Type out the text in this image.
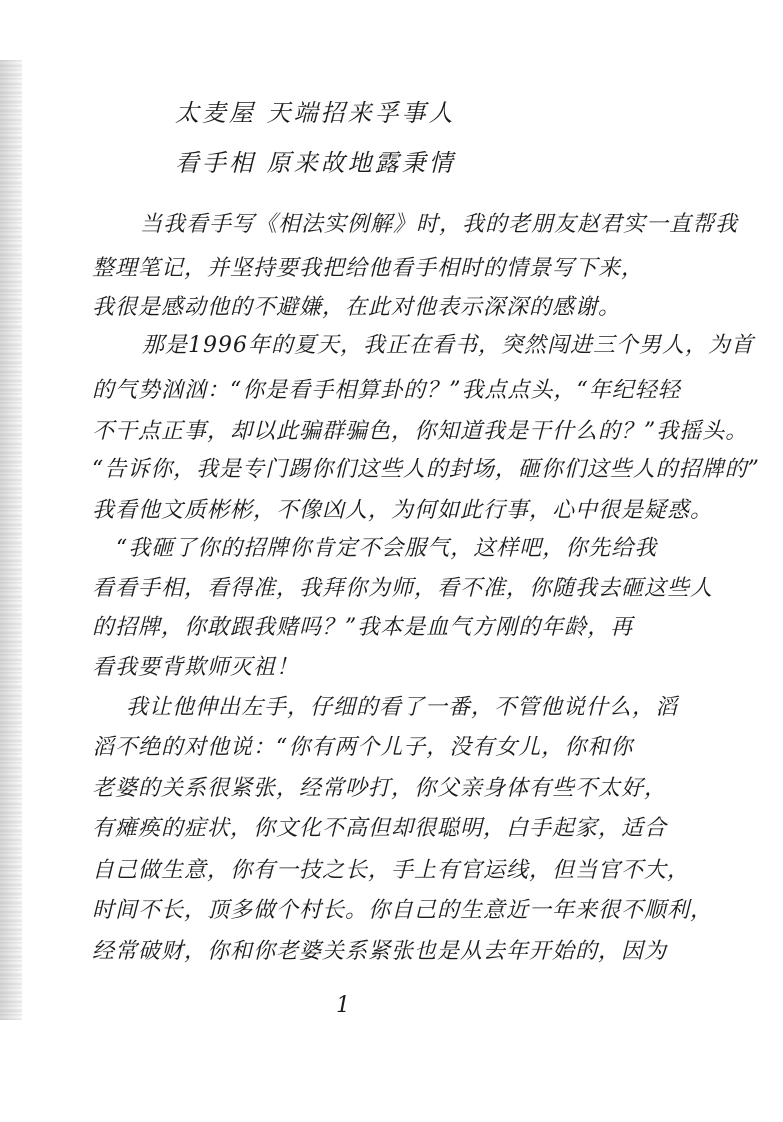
太麦屋 天端招来孚事人
看手相 原来故地露秉情
当我看手写《相法实例解》时，我的老朋友赵君实一直帮我
整理笔记，并坚持要我把给他看手相时的情景写下来，
我很是感动他的不避嫌，在此对他表示深深的感谢。
那是1996年的夏天，我正在看书，突然闯进三个男人，为首
的气势汹汹：“你是看手相算卦的？”我点点头，“年纪轻轻
不干点正事，却以此骗群骗色，你知道我是干什么的？”我摇头。
“告诉你，我是专门踢你们这些人的封场，砸你们这些人的招牌的”
我看他文质彬彬，不像凶人，为何如此行事，心中很是疑惑。
“我砸了你的招牌你肯定不会服气，这样吧，你先给我
看看手相，看得准，我拜你为师，看不准，你随我去砸这些人
的招牌，你敢跟我赌吗？”我本是血气方刚的年龄，再
看我要背欺师灭祖！
我让他伸出左手，仔细的看了一番，不管他说什么，滔
滔不绝的对他说：“你有两个儿子，没有女儿，你和你
老婆的关系很紧张，经常吵打，你父亲身体有些不太好，
有瘫痪的症状，你文化不高但却很聪明，白手起家，适合
自己做生意，你有一技之长，手上有官运线，但当官不大，
时间不长，顶多做个村长。你自己的生意近一年来很不顺利，
经常破财，你和你老婆关系紧张也是从去年开始的，因为
1
